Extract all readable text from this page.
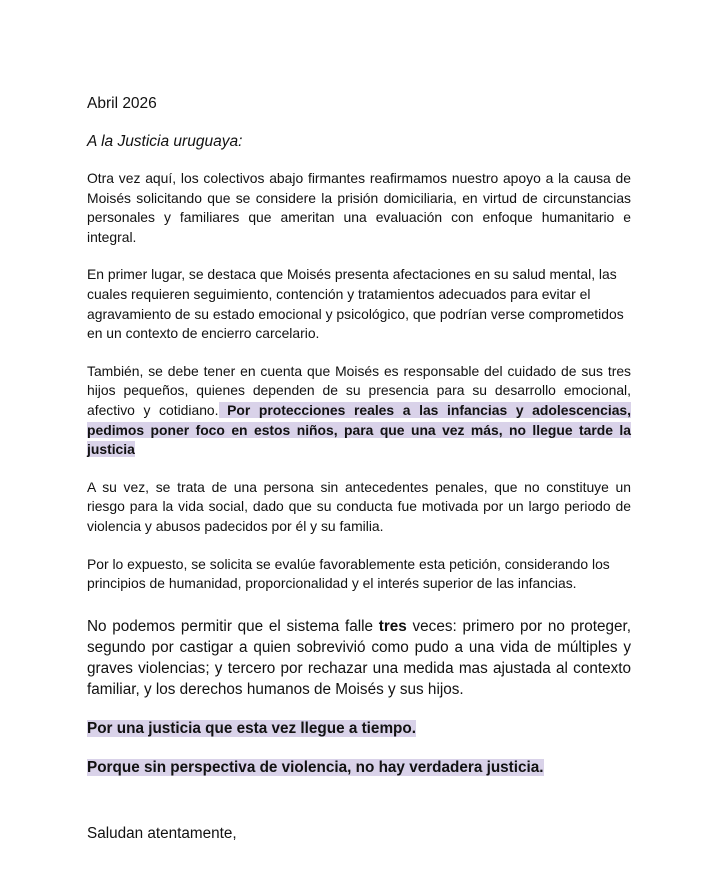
Abril 2026

A la Justicia uruguaya:

Otra vez aquí, los colectivos abajo firmantes reafirmamos nuestro apoyo a la causa de Moisés solicitando que se considere la prisión domiciliaria, en virtud de circunstancias personales y familiares que ameritan una evaluación con enfoque humanitario e integral.

En primer lugar, se destaca que Moisés presenta afectaciones en su salud mental, las cuales requieren seguimiento, contención y tratamientos adecuados para evitar el agravamiento de su estado emocional y psicológico, que podrían verse comprometidos en un contexto de encierro carcelario.

También, se debe tener en cuenta que Moisés es responsable del cuidado de sus tres hijos pequeños, quienes dependen de su presencia para su desarrollo emocional, afectivo y cotidiano. Por protecciones reales a las infancias y adolescencias, pedimos poner foco en estos niños, para que una vez más, no llegue tarde la justicia

A su vez, se trata de una persona sin antecedentes penales, que no constituye un riesgo para la vida social, dado que su conducta fue motivada por un largo periodo de violencia y abusos padecidos por él y su familia.

Por lo expuesto, se solicita se evalúe favorablemente esta petición, considerando los principios de humanidad, proporcionalidad y el interés superior de las infancias.

No podemos permitir que el sistema falle tres veces: primero por no proteger, segundo por castigar a quien sobrevivió como pudo a una vida de múltiples y graves violencias; y tercero por rechazar una medida mas ajustada al contexto familiar, y los derechos humanos de Moisés y sus hijos.

Por una justicia que esta vez llegue a tiempo.

Porque sin perspectiva de violencia, no hay verdadera justicia.

Saludan atentamente,
